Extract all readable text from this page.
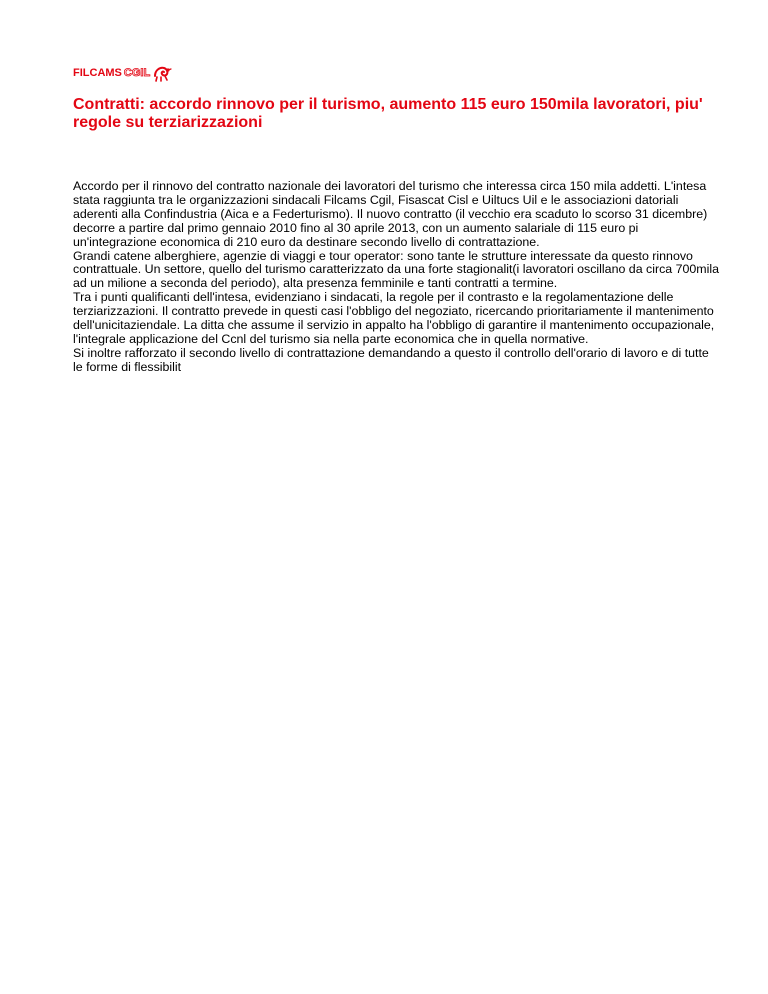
FILCAMS CGIL
Contratti: accordo rinnovo per il turismo, aumento 115 euro 150mila lavoratori, piu' regole su terziarizzazioni

Accordo per il rinnovo del contratto nazionale dei lavoratori del turismo che interessa circa 150 mila addetti. L'intesa stata raggiunta tra le organizzazioni sindacali Filcams Cgil, Fisascat Cisl e Uiltucs Uil e le associazioni datoriali aderenti alla Confindustria (Aica e a Federturismo). Il nuovo contratto (il vecchio era scaduto lo scorso 31 dicembre) decorre a partire dal primo gennaio 2010 fino al 30 aprile 2013, con un aumento salariale di 115 euro pi un'integrazione economica di 210 euro da destinare secondo livello di contrattazione.

Grandi catene alberghiere, agenzie di viaggi e tour operator: sono tante le strutture interessate da questo rinnovo contrattuale. Un settore, quello del turismo caratterizzato da una forte stagionalit(i lavoratori oscillano da circa 700mila ad un milione a seconda del periodo), alta presenza femminile e tanti contratti a termine.

Tra i punti qualificanti dell'intesa, evidenziano i sindacati, la regole per il contrasto e la regolamentazione delle terziarizzazioni. Il contratto prevede in questi casi l'obbligo del negoziato, ricercando prioritariamente il mantenimento dell'unicitaziendale. La ditta che assume il servizio in appalto ha l'obbligo di garantire il mantenimento occupazionale, l'integrale applicazione del Ccnl del turismo sia nella parte economica che in quella normative.

Si inoltre rafforzato il secondo livello di contrattazione demandando a questo il controllo dell'orario di lavoro e di tutte le forme di flessibilit
